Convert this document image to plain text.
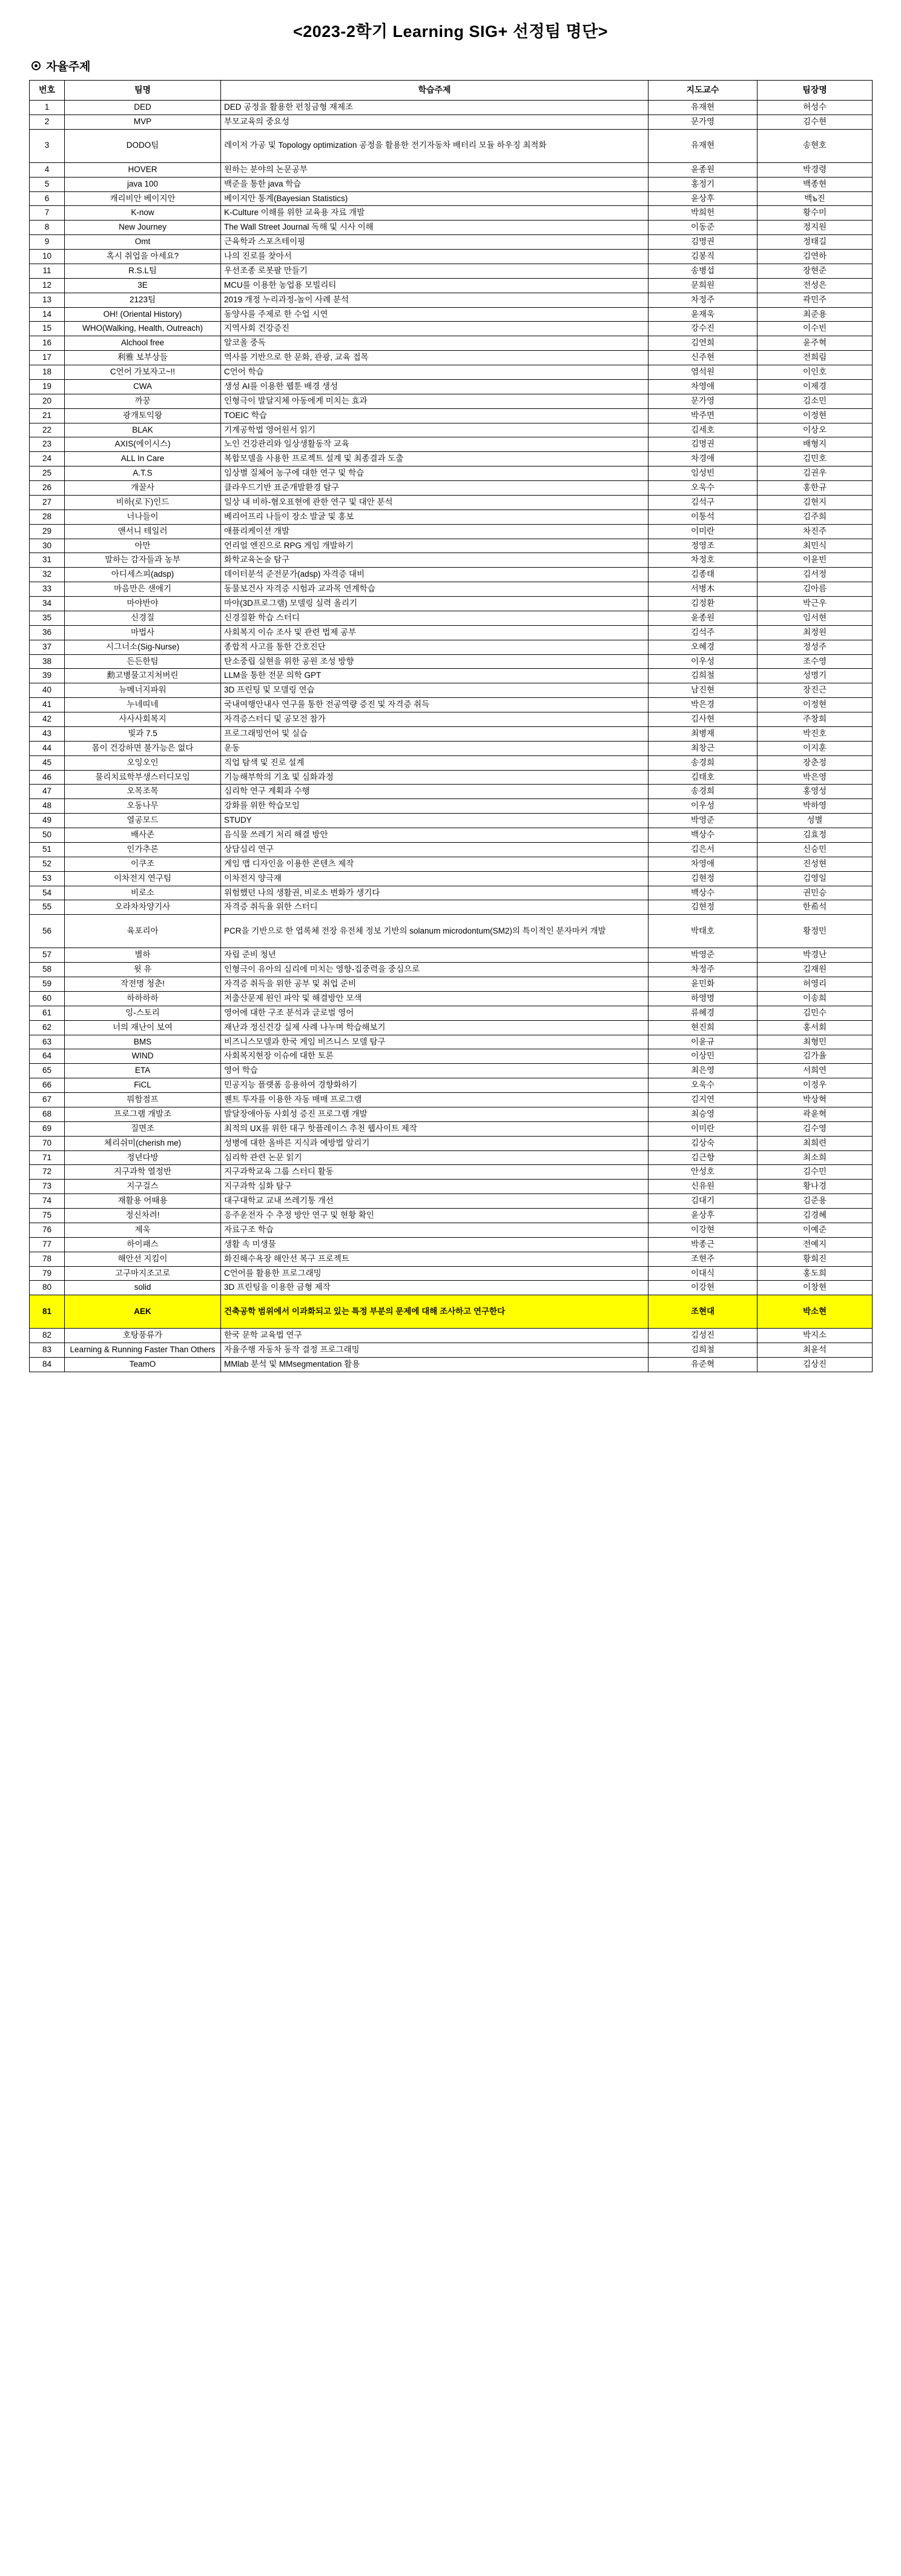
<2023-2학기 Learning SIG+ 선정팀 명단>
자율주제
번호	팀명	학습주제	지도교수	팀장명
1	DED	DED 공정을 활용한 펀칭금형 재제조	유재현	허성수
2	MVP	부모교육의 중요성	문가영	김수현
3	DODO팀	레이저 가공 및 Topology optimization 공정을 활용한 전기자동차 배터리 모듈 하우징 최적화	유재현	송현호
4	HOVER	원하는 분야의 논문공부	윤종원	박경령
5	java 100	백준을 통한 java 학습	홍정기	백종현
6	캐리비안 베이지안	베이지안 통계(Bayesian Statistics)	윤상후	백ъ진
7	K-now	K-Culture 이해를 위한 교육용 자료 개발	박희헌	황수미
8	New Journey	The Wall Street Journal 독해 및 시사 이해	이동준	정지원
9	Omt	근육학과 스포츠테이핑	김명권	정태길
10	혹시 취업을 아세요?	나의 진로를 찾아서	김봉직	김연하
11	R.S.L팀	우선조종 로봇팔 만들기	송병섭	장현준
12	3E	MCU를 이용한 농업용 모빌리티	문희원	전성은
13	2123팀	2019 개정 누리과정-놀이 사례 분석	차정주	곽민주
14	OH! (Oriental History)	동양사를 주제로 한 수업 시연	윤재욱	최준용
15	WHO(Walking, Health, Outreach)	지역사회 건강증진	강수진	이수빈
16	Alchool free	알코올 중독	김연희	윤주혁
17	利雅 보부상들	역사를 기반으로 한 문화, 관광, 교육 접목	신주현	전희림
18	C언어 가보자고~!!	C언어 학습	염석원	이인호
19	CWA	생성 AI를 이용한 웹툰 배경 생성	차영애	이제경
20	까꿍	인형극이 발달지체 아동에게 미치는 효과	문가영	김소민
21	광개토익왕	TOEIC 학습	박주면	이정현
22	BLAK	기계공학법 영어원서 읽기	김세호	이상오
23	AXIS(에이시스)	노인 건강관리와 일상생활동작 교육	김명권	배형지
24	ALL In Care	복합모델을 사용한 프로젝트 설계 및 최종결과 도출	차경애	김민호
25	A.T.S	임상별 질체어 농구에 대한 연구 및 학습	임성빈	김권우
26	개꿀사	클라우드기반 표준개발환경 탐구	오욱수	홍한규
27	비하(로下)인드	일상 내 비하-혐오표현에 관한 연구 및 대안 분석	김석구	김현지
28	너나들이	베리어프리 나들이 장소 발굴 및 홍보	이통석	김주희
29	앤서니 테일러	애플리케이션 개발	이미란	차진주
30	아만	언리얼 엔진으로 RPG 게임 개발하기	정영조	최민식
31	말하는 감자들과 농부	화학교육논술 탐구	차정호	이윤빈
32	아디세스피(adsp)	데이터분석 준전문가(adsp) 자격증 대비	김종태	김서정
33	마음만은 샌애기	동물보건사 자격증 시험과 교과목 연계학습	서병木	김아름
34	마야반야	마야(3D프로그램) 모델링 실력 올리기	김정환	박근우
35	신경질	신경질환 학습 스터디	윤종원	임서현
36	마법사	사회복지 이슈 조사 및 관련 법제 공부	김석주	최정원
37	시그너소(Sig-Nurse)	종합적 사고를 통한 간호진단	오혜경	정성주
38	든든한팀	탄소중립 실현을 위한 공원 조성 방향	이우성	조수영
39	勳고병물고지처버린	LLM을 통한 전문 의학 GPT	김희철	성명기
40	뉴메너지파워	3D 프린팅 및 모델링 연습	남진현	장진근
41	누네띠네	국내여행안내사 연구를 통한 전공역량 증진 및 자격증 취득	박은경	이정현
42	사사사회복지	자격증스터디 및 공모전 참가	김사현	주창희
43	빛과 7.5	프로그래밍언어 및 실습	최병재	박진호
44	몸이 건강하면 불가능은 없다	운동	최창근	이지훈
45	오잉오인	직업 탐색 및 진로 설계	송경희	장춘정
46	물리치료학부생스터디모임	기능해부학의 기초 및 심화과정	김태호	박은영
47	오목조목	심리학 연구 계획과 수행	송경희	홍영성
48	오동나무	강화를 위한 학습모임	이우성	박하영
49	열공모드	STUDY	박영준	성별
50	배사존	음식물 쓰레기 처리 해결 방안	백상수	김효정
51	인가추론	상담심리 연구	김은서	신승민
52	이쿠조	게임 맵 디자인을 이용한 콘텐츠 제작	차영애	진성현
53	이차전지 연구팀	이차전지 양극재	김현정	김영일
54	비로소	위험했던 나의 생활권, 비로소 변화가 생기다	백상수	권민승
55	오라차차양기사	자격증 취득율 위한 스터디	김현정	한希석
56	육포리아	PCR을 기반으로 한 엽록체 전장 유전체 정보 기반의 solanum microdontum(SM2)의 특이적인 분자마커 개발	박태호	황정민
57	별하	자립 준비 청년	박영준	박경난
58	윗 유	인형극이 유아의 심리에 미치는 영향-집중력을 중심으로	차정주	김재원
59	작전명 청춘!	자격증 취득을 위한 공부 및 취업 준비	윤민화	허영리
60	하하하하	저출산문제 원인 파악 및 해결방안 모색	하영명	이송희
61	잉-스토리	영어에 대한 구조 분석과 글로벌 영어	류혜경	김민수
62	너의 재난이 보여	재난과 정신건강 실제 사례 나누며 학습해보기	현진희	홍서회
63	BMS	비즈니스모델과 한국 게임 비즈니스 모델 탐구	이윤규	최형민
64	WIND	사회복지현장 이슈에 대한 토론	이상민	김가율
65	ETA	영어 학습	최은영	서희연
66	FiCL	민공지능 플랫폼 응용하여 경향화하기	오욱수	이정우
67	뭐함점프	퀜트 투자를 이용한 자동 매매 프로그램	김지연	박상혁
68	프로그램 개발조	발달장애아동 사회성 증진 프로그램 개발	최승영	곽윤혁
69	질면조	최적의 UX를 위한 대구 핫플레이스 추천 웹사이트 제작	이미란	김수영
70	체리쉬미(cherish me)	성병에 대한 올바른 지식과 예방법 알리기	김상숙	최희련
71	정년다방	심리학 관련 논문 읽기	김근향	최소희
72	지구과학 열정반	지구과학교육 그룹 스터디 활동	안성호	김수민
73	지구걸스	지구과학 심화 탐구	신유원	황나경
74	재활용 어때용	대구대학교 교내 쓰레기통 개선	김대기	김준용
75	정신차려!	응주운전자 수 추정 방안 연구 및 현황 확인	윤상후	김경혜
76	제욱	자료구조 학습	이강현	이예준
77	하이패스	생활 속 미생물	박종근	전예지
78	해안선 지킴이	화진해수욕장 해안선 복구 프로젝트	조현주	황희진
79	고구마지조고로	C언어를 활용한 프로그래밍	이대식	홍도희
80	solid	3D 프린팅을 이용한 금형 제작	이강현	이창현
81	AEK	건축공학 범위에서 이과화되고 있는 특정 부분의 문제에 대해 조사하고 연구한다	조현대	박소현
82	호탕풍류가	한국 문학 교육법 연구	김성진	박지소
83	Learning & Running Faster Than Others	자율주행 자동차 동작 결정 프로그래밍	김희철	최윤석
84	TeamO	MMlab 분석 및 MMsegmentation 활용	유준혁	김상진
